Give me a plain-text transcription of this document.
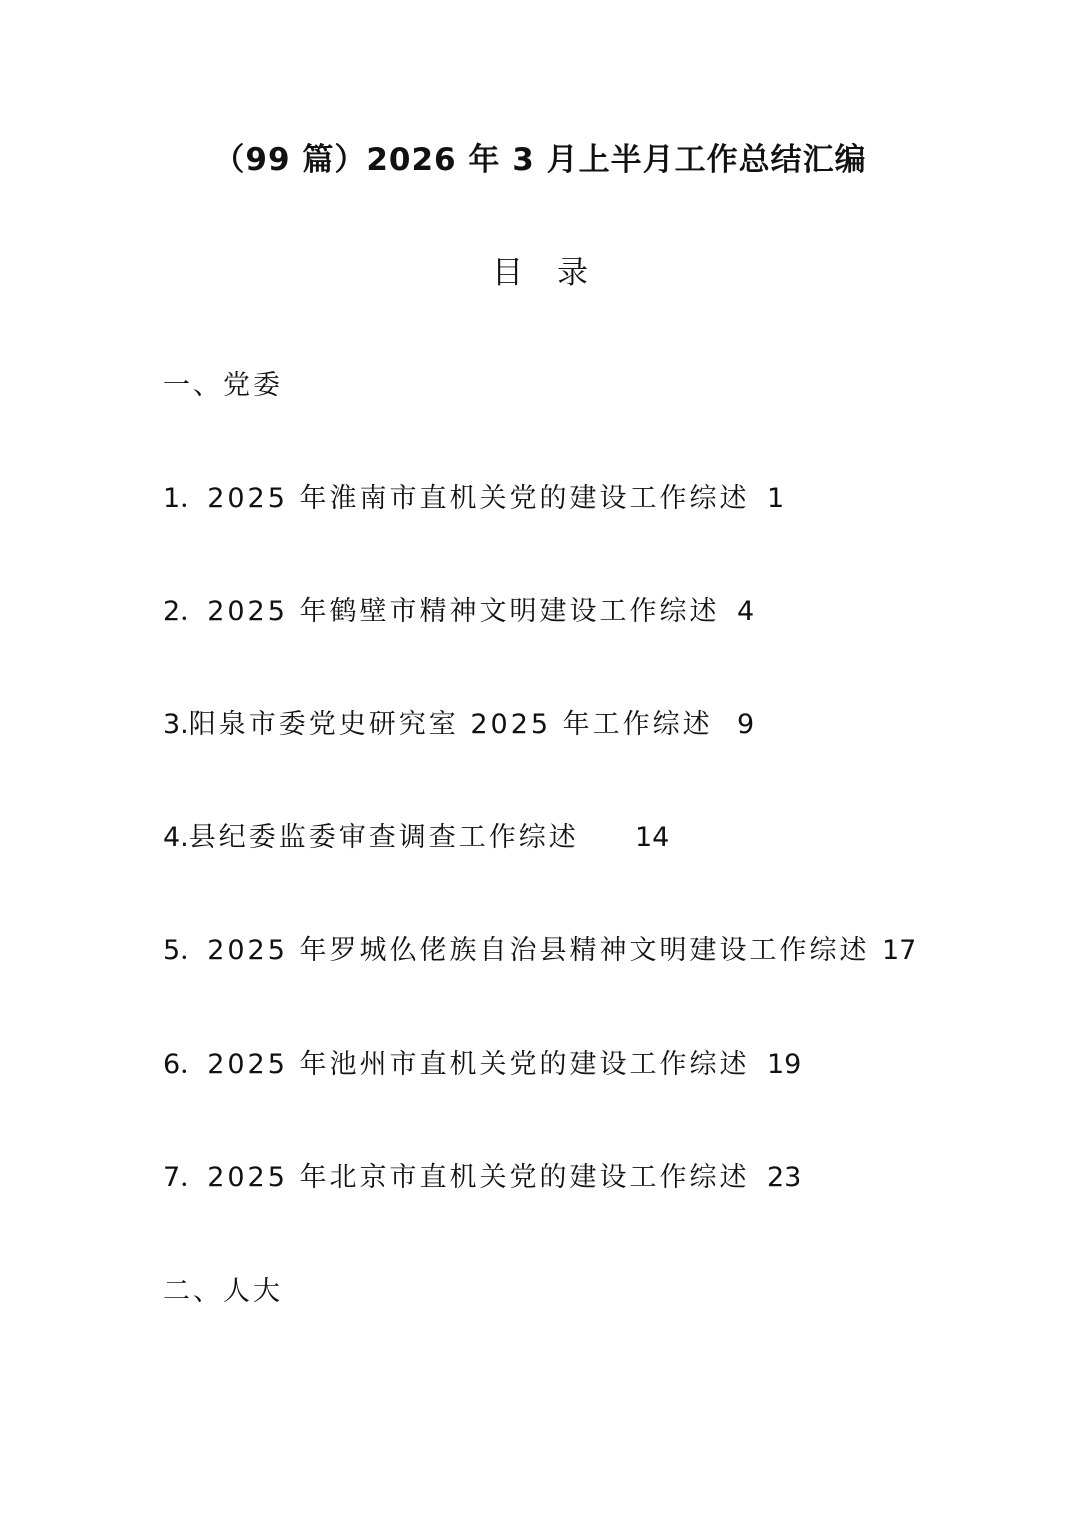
（99 篇）2026 年 3 月上半月工作总结汇编
目 录
一、党委
1．2025 年淮南市直机关党的建设工作综述 1
2．2025 年鹤壁市精神文明建设工作综述 4
3.阳泉市委党史研究室 2025 年工作综述 9
4.县纪委监委审查调查工作综述 14
5．2025 年罗城仫佬族自治县精神文明建设工作综述 17
6．2025 年池州市直机关党的建设工作综述 19
7．2025 年北京市直机关党的建设工作综述 23
二、人大
